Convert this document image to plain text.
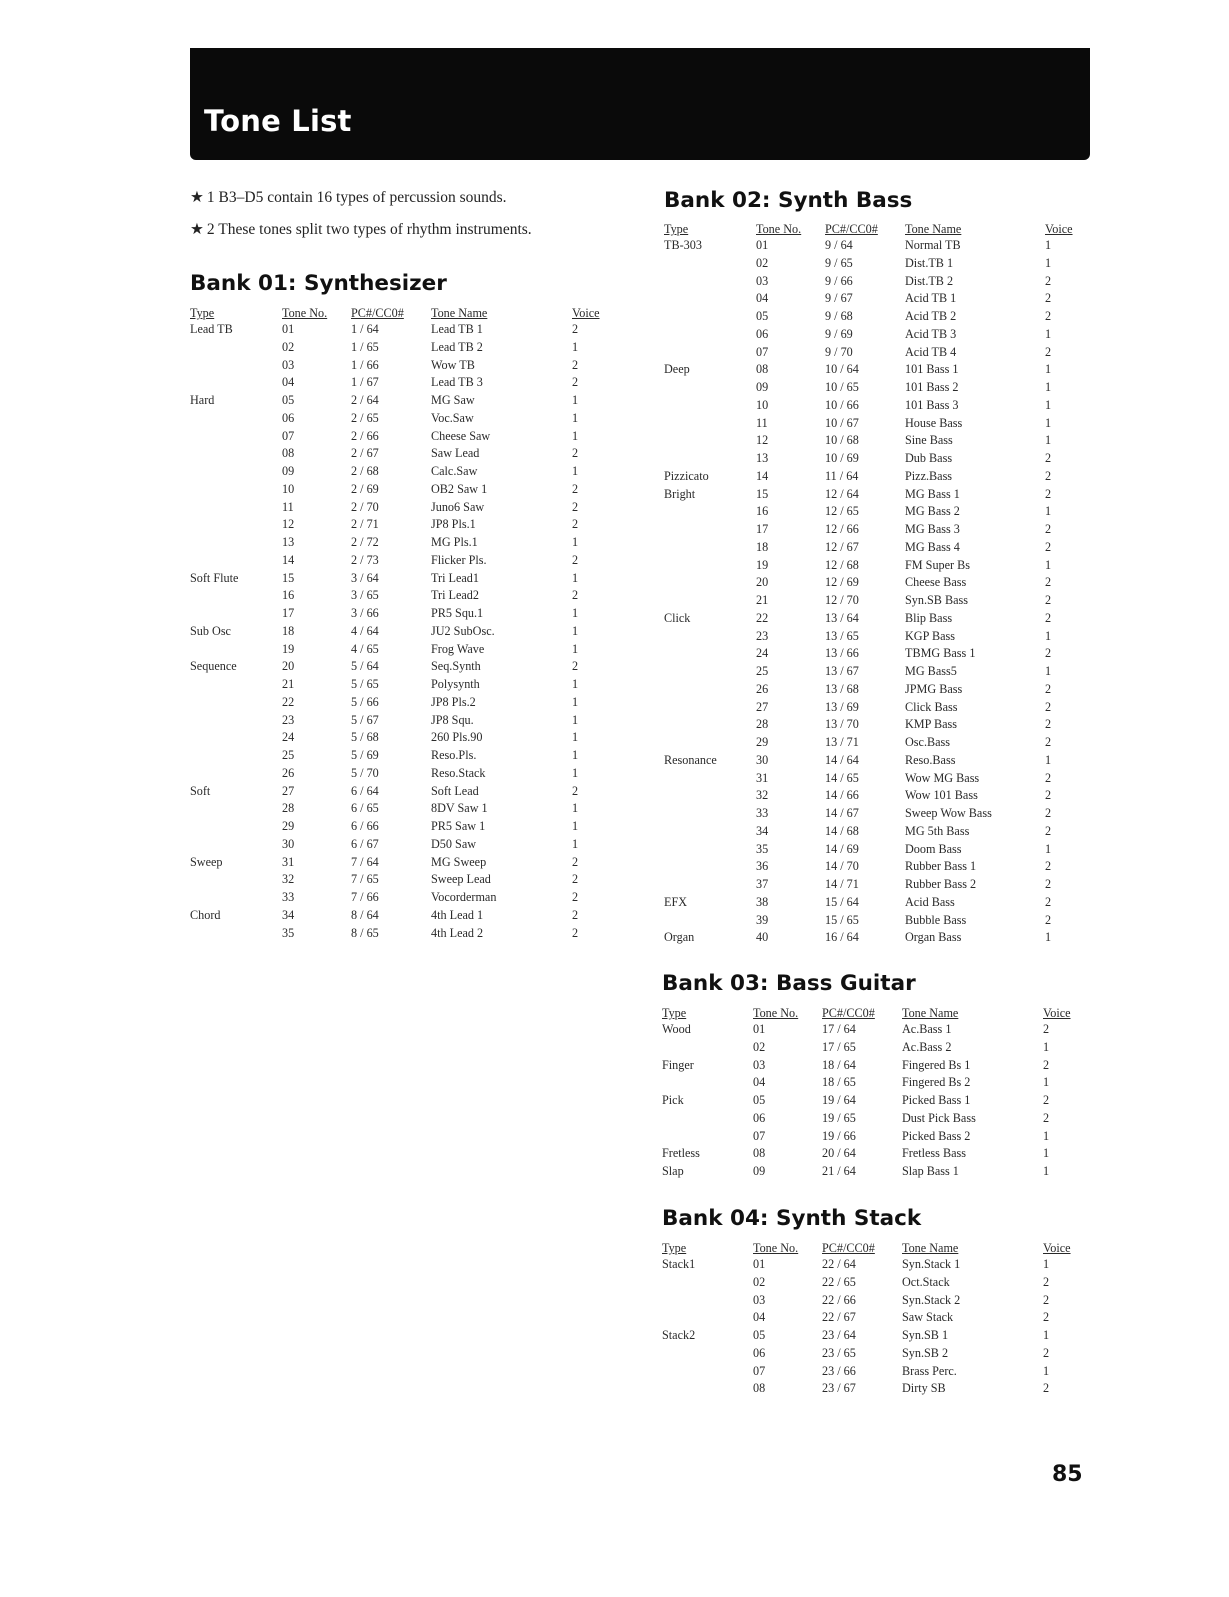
Tone List
★ 1 B3–D5 contain 16 types of percussion sounds.
★ 2 These tones split two types of rhythm instruments.
Bank 01: Synthesizer
Type	Tone No.	PC#/CC0#	Tone Name	Voice
Lead TB	01	1 / 64	Lead TB 1	2
	02	1 / 65	Lead TB 2	1
	03	1 / 66	Wow TB	2
	04	1 / 67	Lead TB 3	2
Hard	05	2 / 64	MG Saw	1
	06	2 / 65	Voc.Saw	1
	07	2 / 66	Cheese Saw	1
	08	2 / 67	Saw Lead	2
	09	2 / 68	Calc.Saw	1
	10	2 / 69	OB2 Saw 1	2
	11	2 / 70	Juno6 Saw	2
	12	2 / 71	JP8 Pls.1	2
	13	2 / 72	MG Pls.1	1
	14	2 / 73	Flicker Pls.	2
Soft Flute	15	3 / 64	Tri Lead1	1
	16	3 / 65	Tri Lead2	2
	17	3 / 66	PR5 Squ.1	1
Sub Osc	18	4 / 64	JU2 SubOsc.	1
	19	4 / 65	Frog Wave	1
Sequence	20	5 / 64	Seq.Synth	2
	21	5 / 65	Polysynth	1
	22	5 / 66	JP8 Pls.2	1
	23	5 / 67	JP8 Squ.	1
	24	5 / 68	260 Pls.90	1
	25	5 / 69	Reso.Pls.	1
	26	5 / 70	Reso.Stack	1
Soft	27	6 / 64	Soft Lead	2
	28	6 / 65	8DV Saw 1	1
	29	6 / 66	PR5 Saw 1	1
	30	6 / 67	D50 Saw	1
Sweep	31	7 / 64	MG Sweep	2
	32	7 / 65	Sweep Lead	2
	33	7 / 66	Vocorderman	2
Chord	34	8 / 64	4th Lead 1	2
	35	8 / 65	4th Lead 2	2
Bank 02: Synth Bass
Type	Tone No.	PC#/CC0#	Tone Name	Voice
TB-303	01	9 / 64	Normal TB	1
	02	9 / 65	Dist.TB 1	1
	03	9 / 66	Dist.TB 2	2
	04	9 / 67	Acid TB 1	2
	05	9 / 68	Acid TB 2	2
	06	9 / 69	Acid TB 3	1
	07	9 / 70	Acid TB 4	2
Deep	08	10 / 64	101 Bass 1	1
	09	10 / 65	101 Bass 2	1
	10	10 / 66	101 Bass 3	1
	11	10 / 67	House Bass	1
	12	10 / 68	Sine Bass	1
	13	10 / 69	Dub Bass	2
Pizzicato	14	11 / 64	Pizz.Bass	2
Bright	15	12 / 64	MG Bass 1	2
	16	12 / 65	MG Bass 2	1
	17	12 / 66	MG Bass 3	2
	18	12 / 67	MG Bass 4	2
	19	12 / 68	FM Super Bs	1
	20	12 / 69	Cheese Bass	2
	21	12 / 70	Syn.SB Bass	2
Click	22	13 / 64	Blip Bass	2
	23	13 / 65	KGP Bass	1
	24	13 / 66	TBMG Bass 1	2
	25	13 / 67	MG Bass5	1
	26	13 / 68	JPMG Bass	2
	27	13 / 69	Click Bass	2
	28	13 / 70	KMP Bass	2
	29	13 / 71	Osc.Bass	2
Resonance	30	14 / 64	Reso.Bass	1
	31	14 / 65	Wow MG Bass	2
	32	14 / 66	Wow 101 Bass	2
	33	14 / 67	Sweep Wow Bass	2
	34	14 / 68	MG 5th Bass	2
	35	14 / 69	Doom Bass	1
	36	14 / 70	Rubber Bass 1	2
	37	14 / 71	Rubber Bass 2	2
EFX	38	15 / 64	Acid Bass	2
	39	15 / 65	Bubble Bass	2
Organ	40	16 / 64	Organ Bass	1
Bank 03: Bass Guitar
Type	Tone No.	PC#/CC0#	Tone Name	Voice
Wood	01	17 / 64	Ac.Bass 1	2
	02	17 / 65	Ac.Bass 2	1
Finger	03	18 / 64	Fingered Bs 1	2
	04	18 / 65	Fingered Bs 2	1
Pick	05	19 / 64	Picked Bass 1	2
	06	19 / 65	Dust Pick Bass	2
	07	19 / 66	Picked Bass 2	1
Fretless	08	20 / 64	Fretless Bass	1
Slap	09	21 / 64	Slap Bass 1	1
Bank 04: Synth Stack
Type	Tone No.	PC#/CC0#	Tone Name	Voice
Stack1	01	22 / 64	Syn.Stack 1	1
	02	22 / 65	Oct.Stack	2
	03	22 / 66	Syn.Stack 2	2
	04	22 / 67	Saw Stack	2
Stack2	05	23 / 64	Syn.SB 1	1
	06	23 / 65	Syn.SB 2	2
	07	23 / 66	Brass Perc.	1
	08	23 / 67	Dirty SB	2
85
